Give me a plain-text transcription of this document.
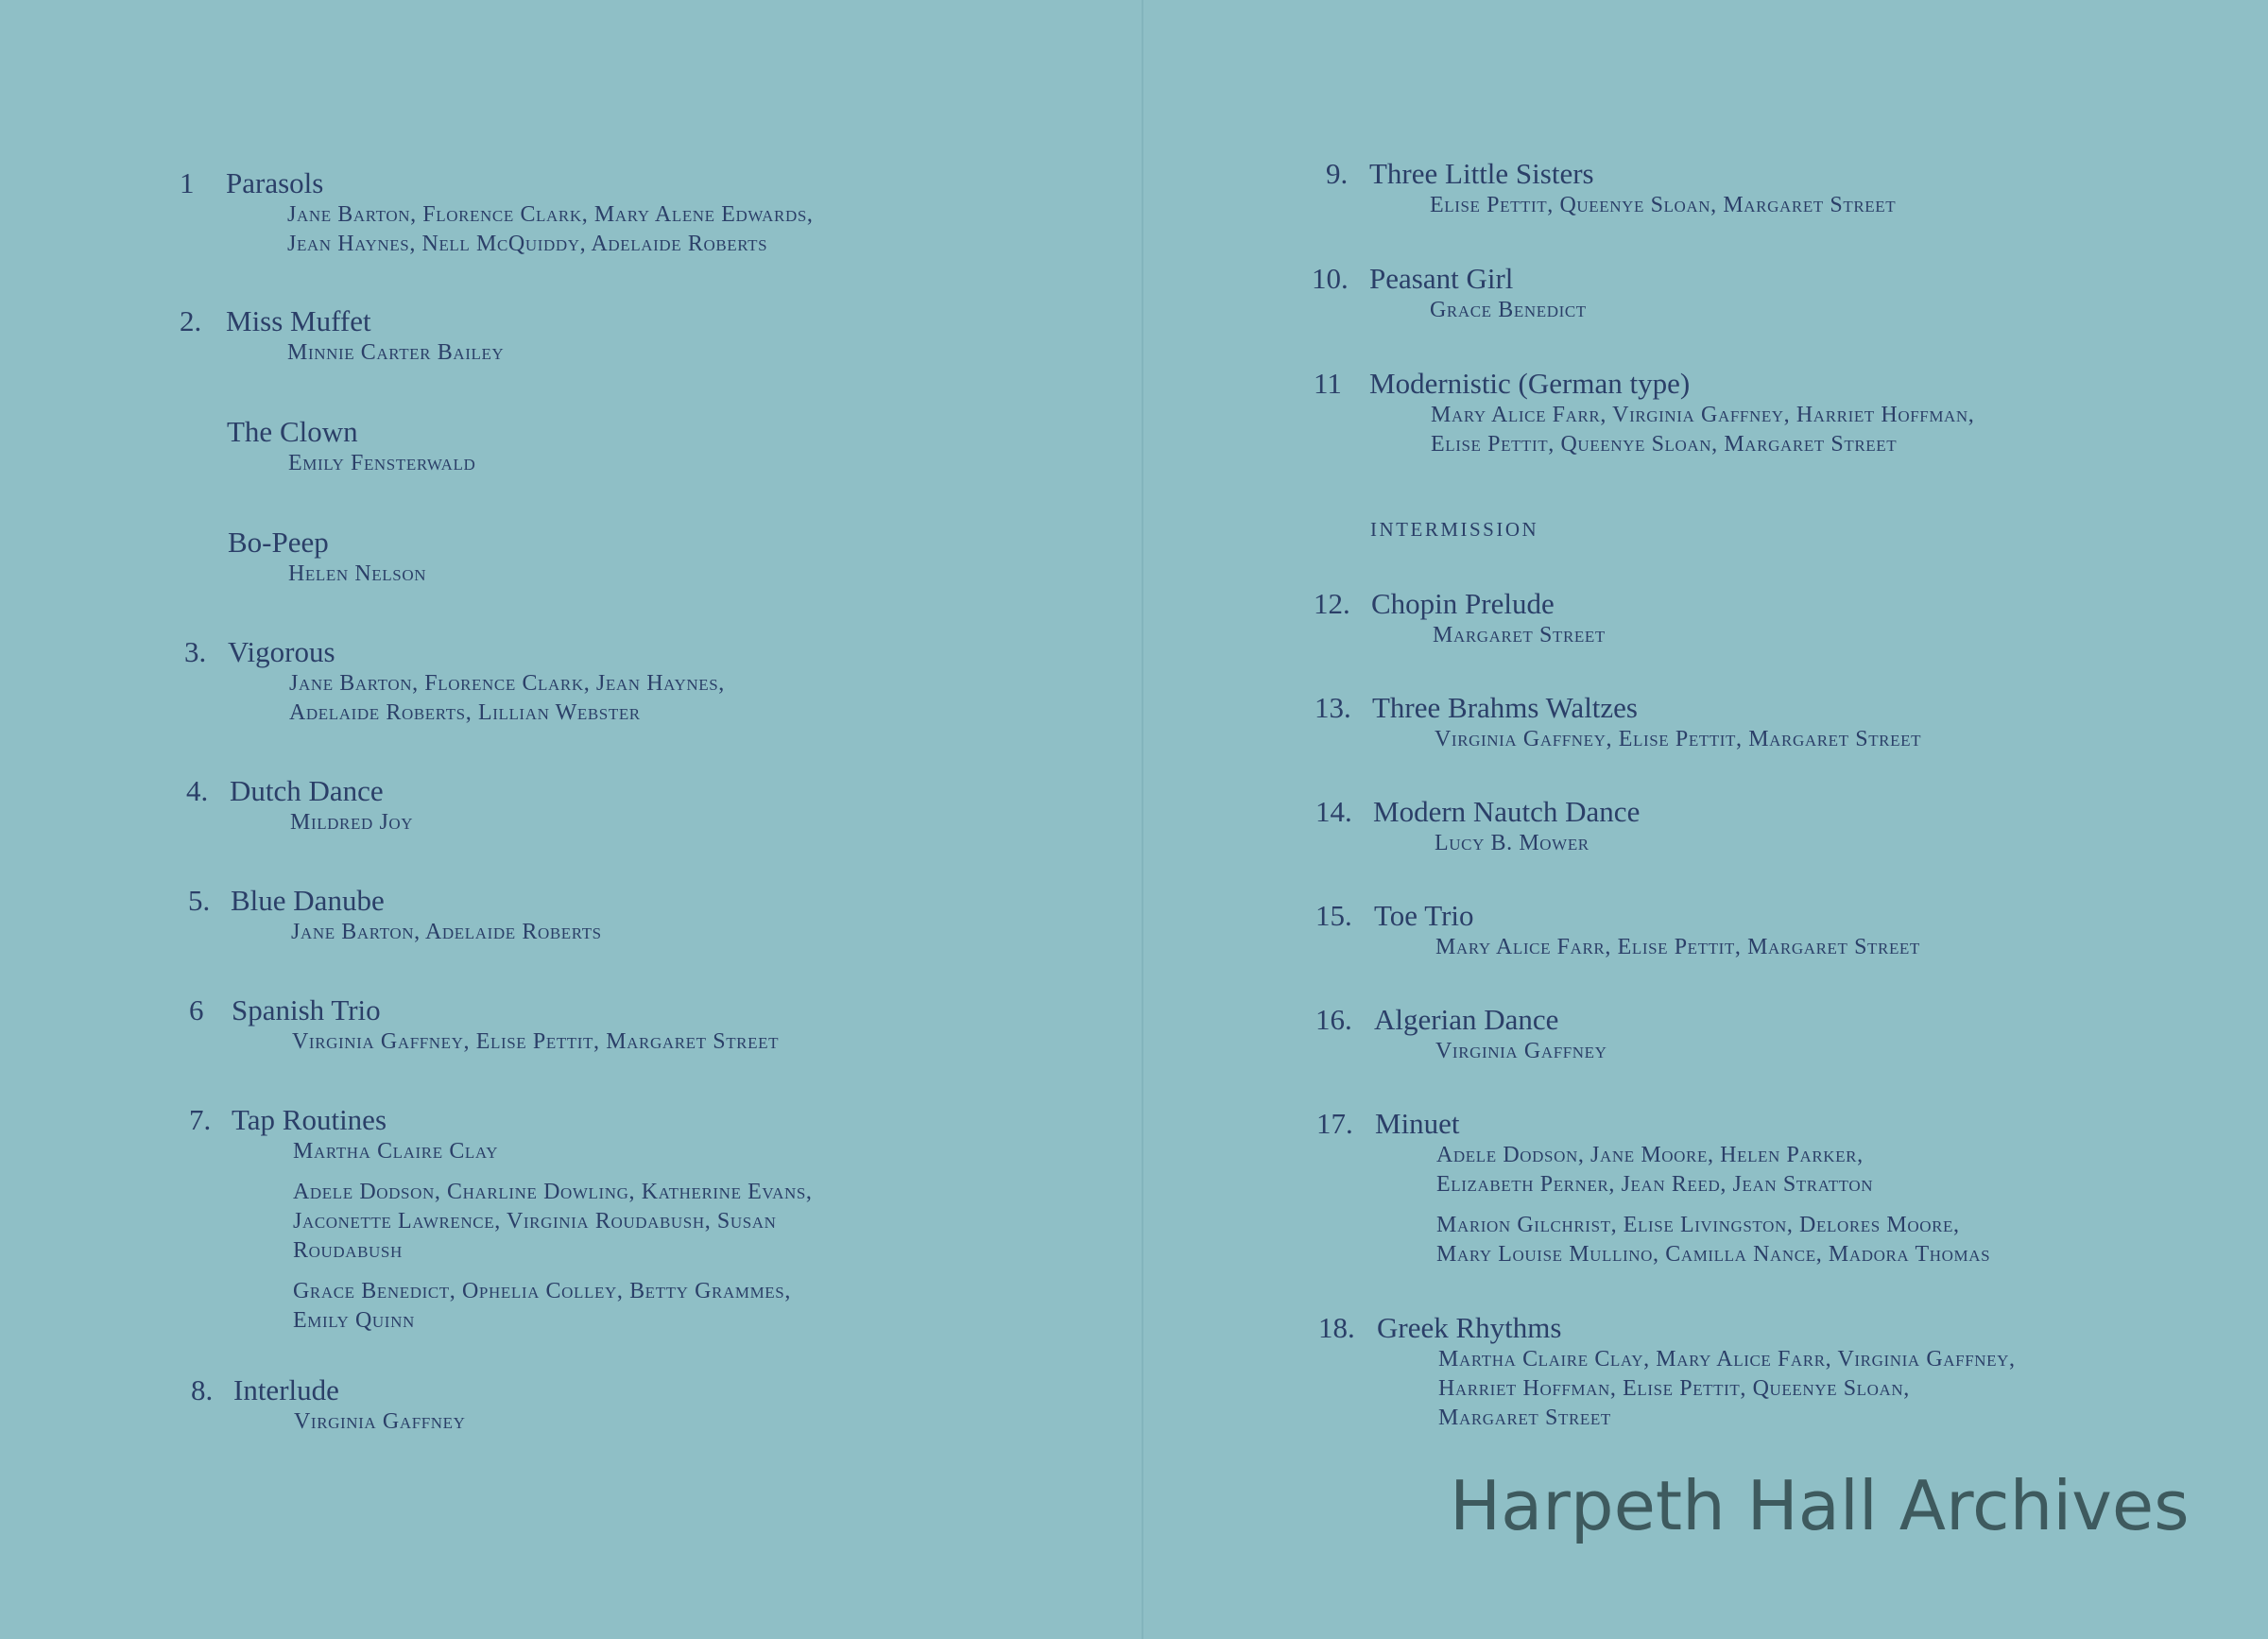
1 Parasols
Jane Barton, Florence Clark, Mary Alene Edwards,
Jean Haynes, Nell McQuiddy, Adelaide Roberts
2. Miss Muffet
Minnie Carter Bailey
The Clown
Emily Fensterwald
Bo-Peep
Helen Nelson
3. Vigorous
Jane Barton, Florence Clark, Jean Haynes,
Adelaide Roberts, Lillian Webster
4. Dutch Dance
Mildred Joy
5. Blue Danube
Jane Barton, Adelaide Roberts
6 Spanish Trio
Virginia Gaffney, Elise Pettit, Margaret Street
7. Tap Routines
Martha Claire Clay
Adele Dodson, Charline Dowling, Katherine Evans,
Jaconette Lawrence, Virginia Roudabush, Susan
Roudabush
Grace Benedict, Ophelia Colley, Betty Grammes,
Emily Quinn
8. Interlude
Virginia Gaffney
9. Three Little Sisters
Elise Pettit, Queenye Sloan, Margaret Street
10. Peasant Girl
Grace Benedict
11 Modernistic (German type)
Mary Alice Farr, Virginia Gaffney, Harriet Hoffman,
Elise Pettit, Queenye Sloan, Margaret Street
INTERMISSION
12. Chopin Prelude
Margaret Street
13. Three Brahms Waltzes
Virginia Gaffney, Elise Pettit, Margaret Street
14. Modern Nautch Dance
Lucy B. Mower
15. Toe Trio
Mary Alice Farr, Elise Pettit, Margaret Street
16. Algerian Dance
Virginia Gaffney
17. Minuet
Adele Dodson, Jane Moore, Helen Parker,
Elizabeth Perner, Jean Reed, Jean Stratton
Marion Gilchrist, Elise Livingston, Delores Moore,
Mary Louise Mullino, Camilla Nance, Madora Thomas
18. Greek Rhythms
Martha Claire Clay, Mary Alice Farr, Virginia Gaffney,
Harriet Hoffman, Elise Pettit, Queenye Sloan,
Margaret Street
Harpeth Hall Archives
